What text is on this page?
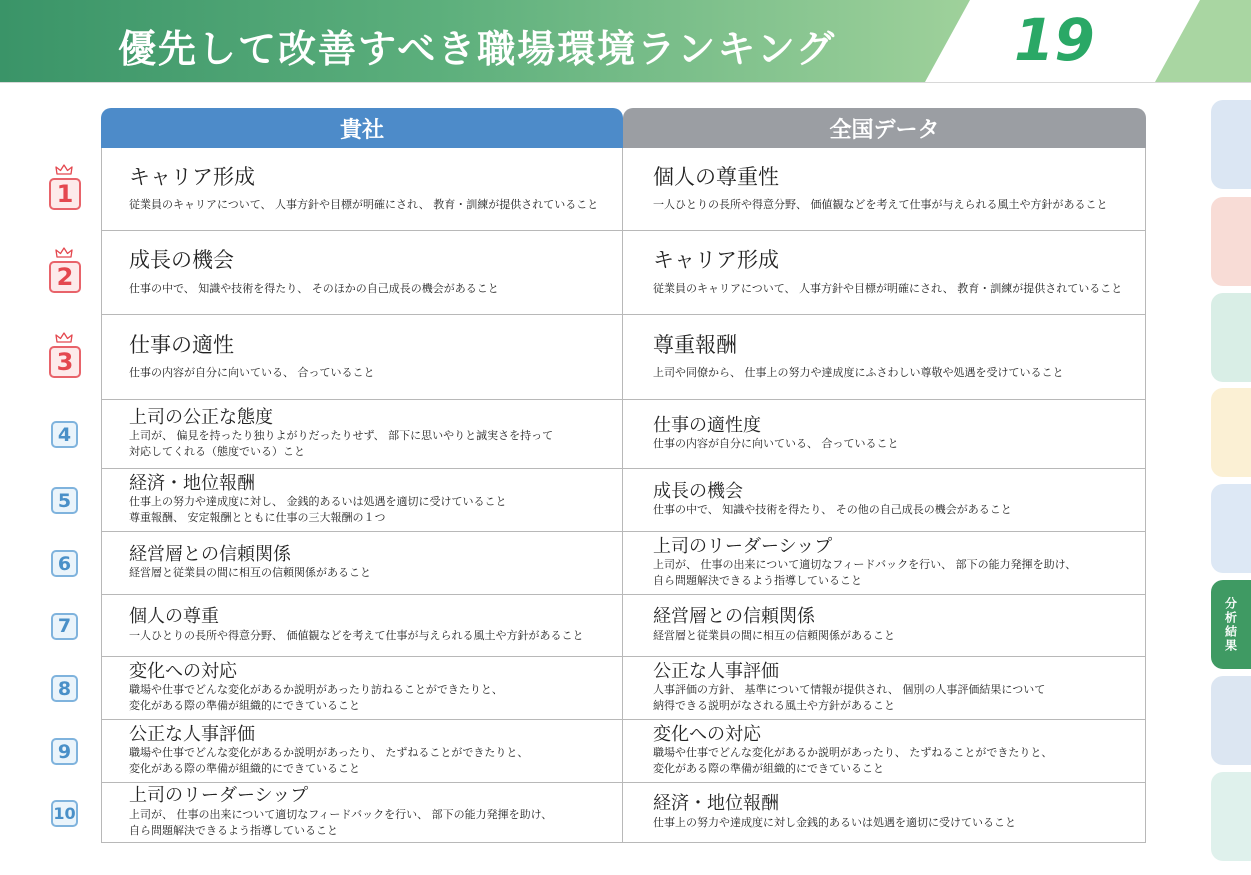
優先して改善すべき職場環境ランキング	19
貴社	全国データ
キャリア形成
従業員のキャリアについて、 人事方針や目標が明確にされ、 教育・訓練が提供されていること
個人の尊重性
一人ひとりの長所や得意分野、 価値観などを考えて仕事が与えられる風土や方針があること
成長の機会
仕事の中で、 知識や技術を得たり、 そのほかの自己成長の機会があること
キャリア形成
従業員のキャリアについて、 人事方針や目標が明確にされ、 教育・訓練が提供されていること
仕事の適性
仕事の内容が自分に向いている、 合っていること
尊重報酬
上司や同僚から、 仕事上の努力や達成度にふさわしい尊敬や処遇を受けていること
上司の公正な態度
上司が、 偏見を持ったり独りよがりだったりせず、 部下に思いやりと誠実さを持って
対応してくれる（態度でいる）こと
仕事の適性度
仕事の内容が自分に向いている、 合っていること
経済・地位報酬
仕事上の努力や達成度に対し、 金銭的あるいは処遇を適切に受けていること
尊重報酬、 安定報酬とともに仕事の三大報酬の１つ
成長の機会
仕事の中で、 知識や技術を得たり、 その他の自己成長の機会があること
経営層との信頼関係
経営層と従業員の間に相互の信頼関係があること
上司のリーダーシップ
上司が、 仕事の出来について適切なフィードバックを行い、 部下の能力発揮を助け、
自ら問題解決できるよう指導していること
個人の尊重
一人ひとりの長所や得意分野、 価値観などを考えて仕事が与えられる風土や方針があること
経営層との信頼関係
経営層と従業員の間に相互の信頼関係があること
変化への対応
職場や仕事でどんな変化があるか説明があったり訪ねることができたりと、
変化がある際の準備が組織的にできていること
公正な人事評価
人事評価の方針、 基準について情報が提供され、 個別の人事評価結果について
納得できる説明がなされる風土や方針があること
公正な人事評価
職場や仕事でどんな変化があるか説明があったり、 たずねることができたりと、
変化がある際の準備が組織的にできていること
変化への対応
職場や仕事でどんな変化があるか説明があったり、 たずねることができたりと、
変化がある際の準備が組織的にできていること
上司のリーダーシップ
上司が、 仕事の出来について適切なフィードバックを行い、 部下の能力発揮を助け、
自ら問題解決できるよう指導していること
経済・地位報酬
仕事上の努力や達成度に対し金銭的あるいは処遇を適切に受けていること
1
2
3
4
5
6
7
8
9
10
分析結果
